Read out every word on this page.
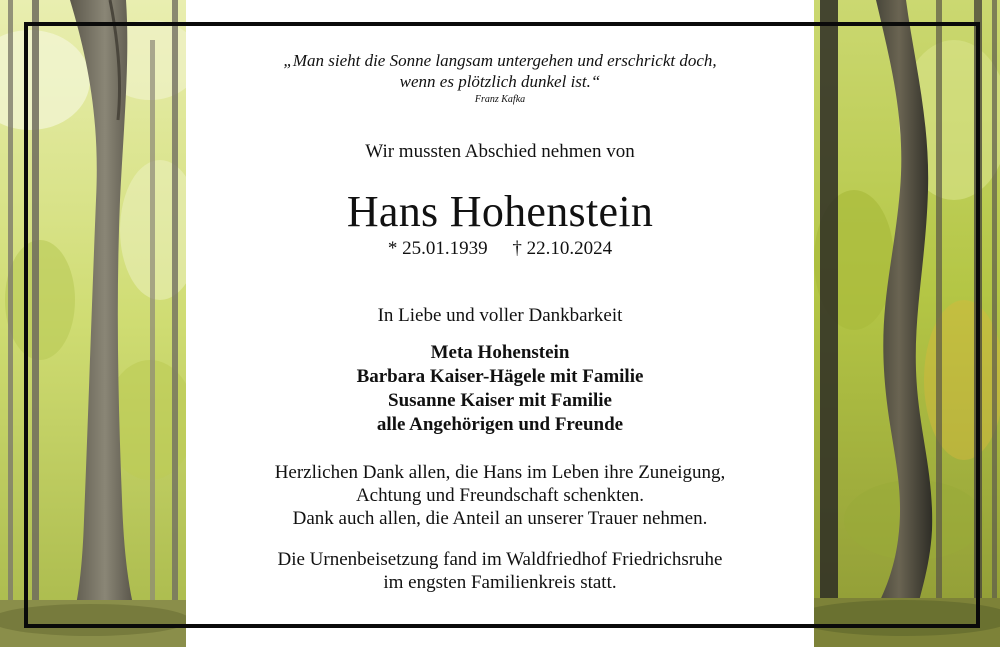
„Man sieht die Sonne langsam untergehen und erschrickt doch,
wenn es plötzlich dunkel ist.“
Franz Kafka
Wir mussten Abschied nehmen von
Hans Hohenstein
* 25.01.1939 † 22.10.2024
In Liebe und voller Dankbarkeit
Meta Hohenstein
Barbara Kaiser-Hägele mit Familie
Susanne Kaiser mit Familie
alle Angehörigen und Freunde
Herzlichen Dank allen, die Hans im Leben ihre Zuneigung,
Achtung und Freundschaft schenkten.
Dank auch allen, die Anteil an unserer Trauer nehmen.
Die Urnenbeisetzung fand im Waldfriedhof Friedrichsruhe
im engsten Familienkreis statt.
